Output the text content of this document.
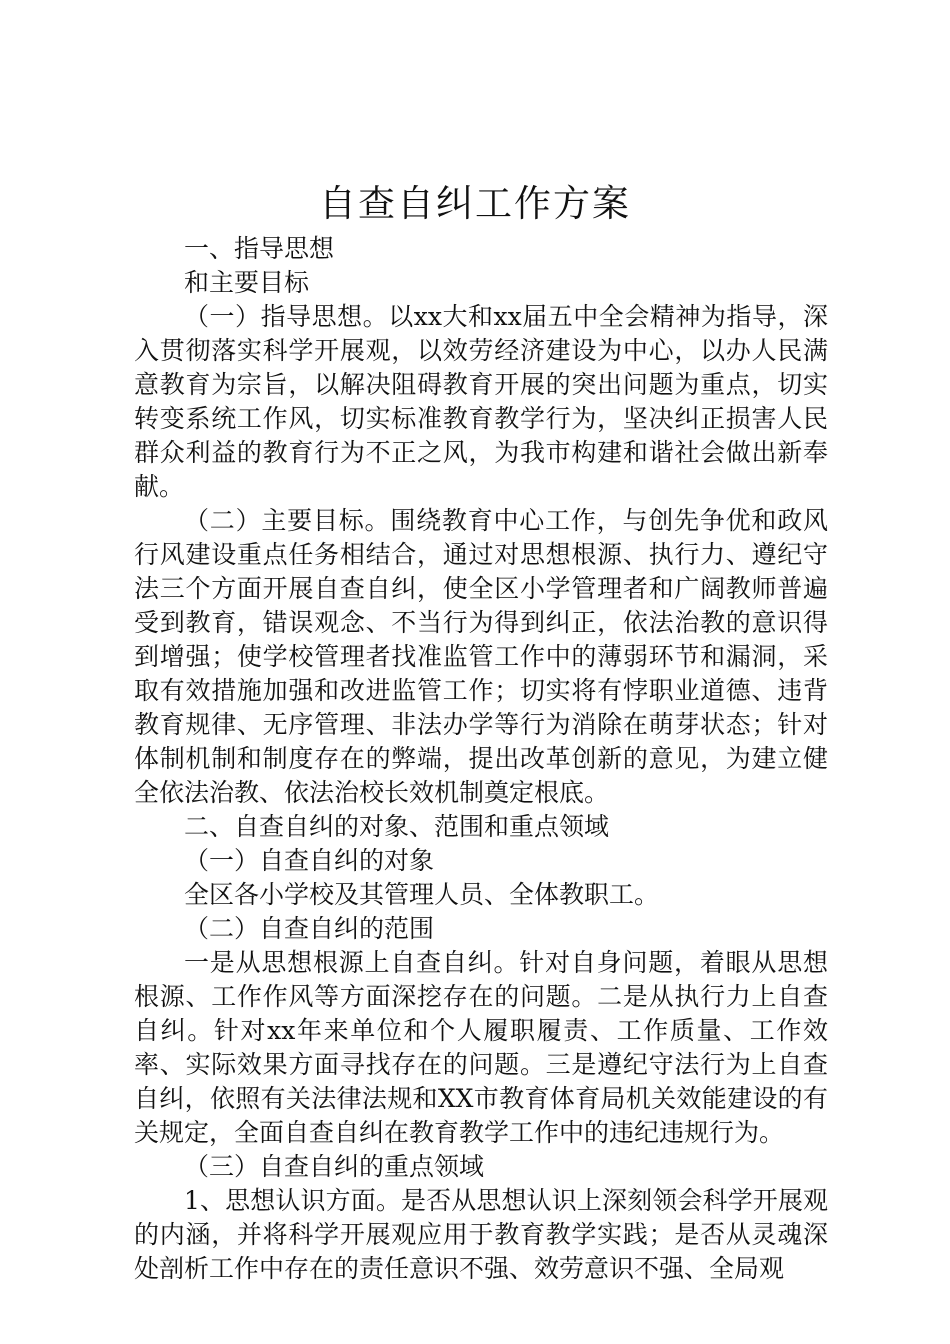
自查自纠工作方案

一、指导思想

和主要目标

（一）指导思想。以xx大和xx届五中全会精神为指导，深入贯彻落实科学开展观，以效劳经济建设为中心，以办人民满意教育为宗旨，以解决阻碍教育开展的突出问题为重点，切实转变系统工作风，切实标准教育教学行为，坚决纠正损害人民群众利益的教育行为不正之风，为我市构建和谐社会做出新奉献。

（二）主要目标。围绕教育中心工作，与创先争优和政风行风建设重点任务相结合，通过对思想根源、执行力、遵纪守法三个方面开展自查自纠，使全区小学管理者和广阔教师普遍受到教育，错误观念、不当行为得到纠正，依法治教的意识得到增强；使学校管理者找准监管工作中的薄弱环节和漏洞，采取有效措施加强和改进监管工作；切实将有悖职业道德、违背教育规律、无序管理、非法办学等行为消除在萌芽状态；针对体制机制和制度存在的弊端，提出改革创新的意见，为建立健全依法治教、依法治校长效机制奠定根底。

二、自查自纠的对象、范围和重点领域

（一）自查自纠的对象

全区各小学校及其管理人员、全体教职工。

（二）自查自纠的范围

一是从思想根源上自查自纠。针对自身问题，着眼从思想根源、工作作风等方面深挖存在的问题。二是从执行力上自查自纠。针对xx年来单位和个人履职履责、工作质量、工作效率、实际效果方面寻找存在的问题。三是遵纪守法行为上自查自纠，依照有关法律法规和XX市教育体育局机关效能建设的有关规定，全面自查自纠在教育教学工作中的违纪违规行为。

（三）自查自纠的重点领域

1、思想认识方面。是否从思想认识上深刻领会科学开展观的内涵，并将科学开展观应用于教育教学实践；是否从灵魂深处剖析工作中存在的责任意识不强、效劳意识不强、全局观
